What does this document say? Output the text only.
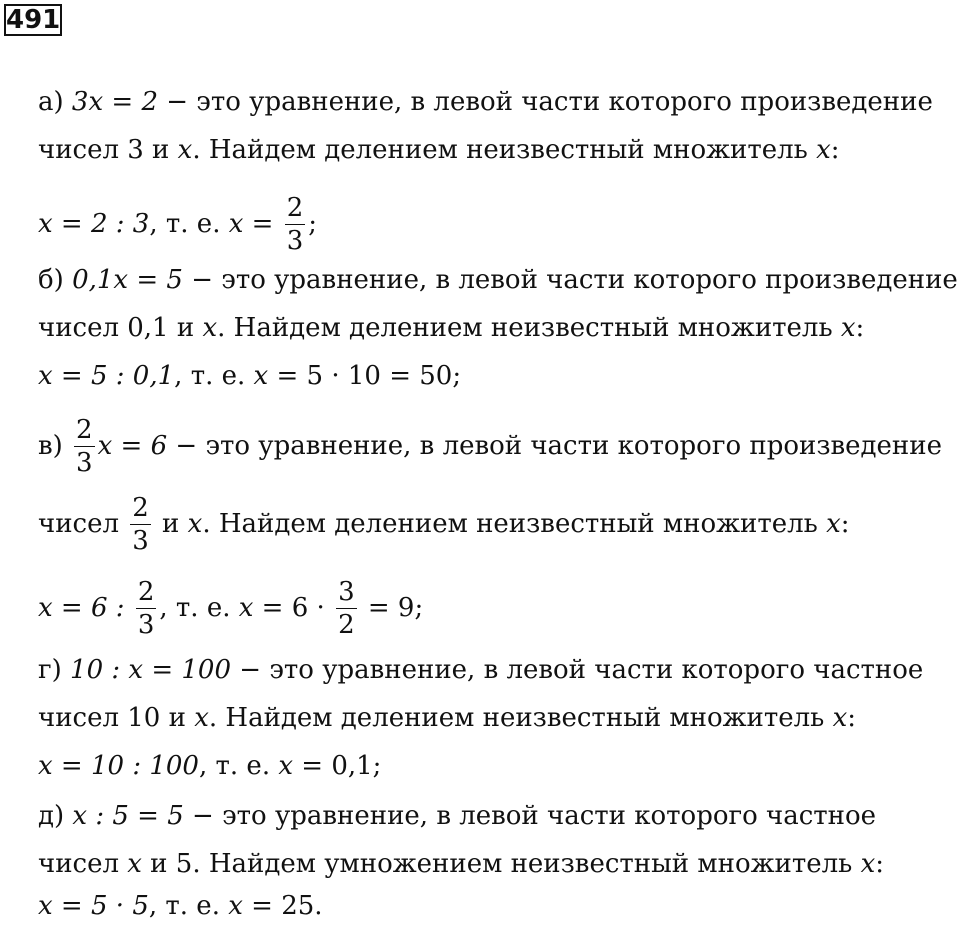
491
а) 3x = 2 − это уравнение, в левой части которого произведение
чисел 3 и x . Найдем делением неизвестный множитель x :
x = 2 : 3 , т. е. $x = \frac{2}{3}$ ;
б) 0,1x = 5 − это уравнение, в левой части которого произведение
чисел 0,1 и x . Найдем делением неизвестный множитель x :
x = 5 : 0,1 , т. е. x = 5 · 10 = 50;
$в) \frac{2}{3}$ x = 6 − это уравнение, в левой части которого произведение
чисел $\frac{2}{3}$ и x . Найдем делением неизвестный множитель x :
x = 6 : $\frac{2}{3}$ , т. е. $x = 6 \cdot \frac{3}{2} = 9$;
г) 10 : x = 100 − это уравнение, в левой части которого частное
чисел 10 и x . Найдем делением неизвестный множитель x :
x = 10 : 100 , т. е. x = 0,1;
д) x : 5 = 5 − это уравнение, в левой части которого частное
чисел x и 5. Найдем умножением неизвестный множитель x :
x = 5 · 5 , т. е. x = 25.
